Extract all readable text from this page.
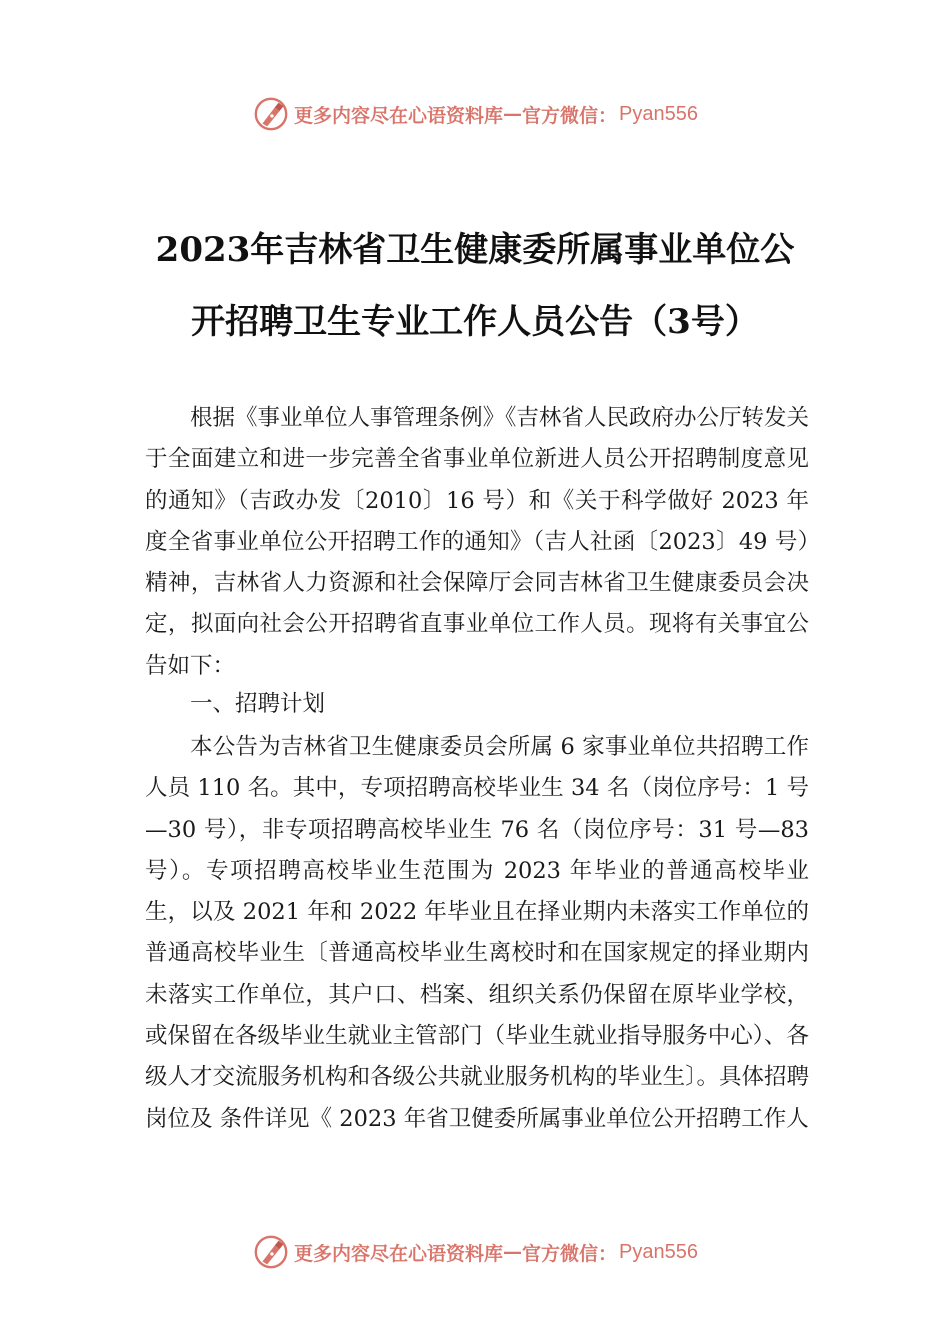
更多内容尽在心语资料库 — 官方微信： Pyan556
2023年吉林省卫生健康委所属事业单位公
开招聘卫生专业工作人员公告（3号）

根据《事业单位人事管理条例》《吉林省人民政府办公厅转发关于全面建立和进一步完善全省事业单位新进人员公开招聘制度意见的通知》（吉政办发〔2010〕16 号）和《关于科学做好 2023 年度全省事业单位公开招聘工作的通知》（吉人社函〔2023〕49 号）精神，吉林省人力资源和社会保障厅会同吉林省卫生健康委员会决定，拟面向社会公开招聘省直事业单位工作人员。现将有关事宜公告如下：

一、招聘计划

本公告为吉林省卫生健康委员会所属 6 家事业单位共招聘工作人员 110 名。其中，专项招聘高校毕业生 34 名（岗位序号：1 号—30 号），非专项招聘高校毕业生 76 名（岗位序号：31 号—83 号）。专项招聘高校毕业生范围为 2023 年毕业的普通高校毕业生，以及 2021 年和 2022 年毕业且在择业期内未落实工作单位的普通高校毕业生〔普通高校毕业生离校时和在国家规定的择业期内未落实工作单位，其户口、档案、组织关系仍保留在原毕业学校，或保留在各级毕业生就业主管部门（毕业生就业指导服务中心）、各级人才交流服务机构和各级公共就业服务机构的毕业生〕。具体招聘岗位及 条件详见《 2023 年省卫健委所属事业单位公开招聘工作人

更多内容尽在心语资料库 — 官方微信： Pyan556
